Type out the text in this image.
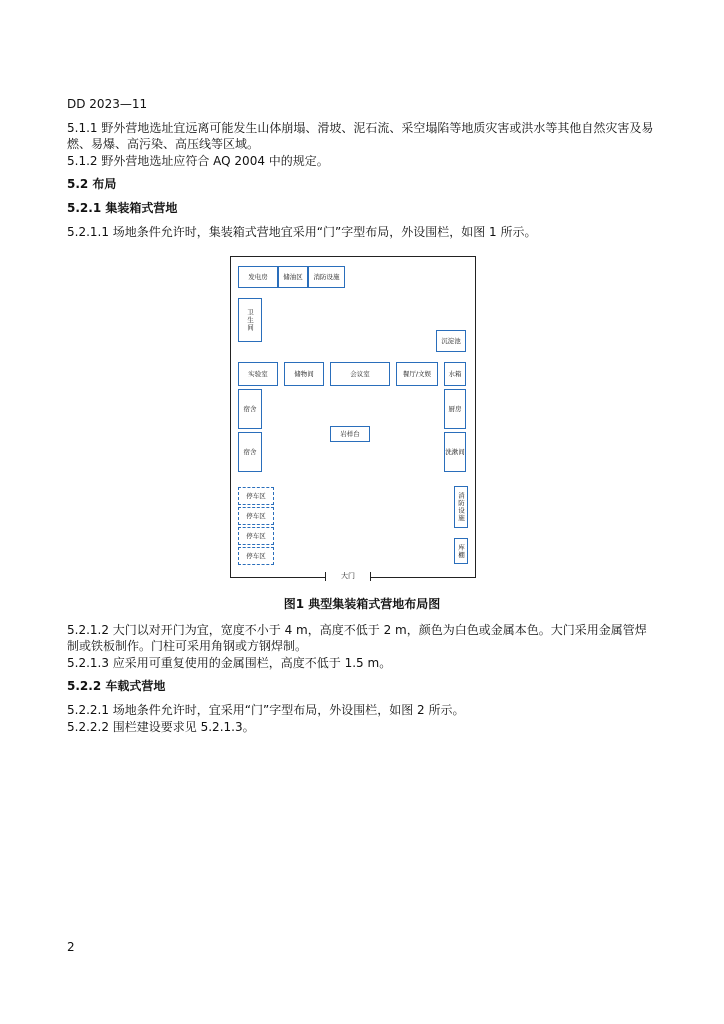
DD 2023—11
5.1.1 野外营地选址宜远离可能发生山体崩塌、滑坡、泥石流、采空塌陷等地质灾害或洪水等其他自然灾害及易燃、易爆、高污染、高压线等区域。
5.1.2 野外营地选址应符合 AQ 2004 中的规定。
5.2 布局
5.2.1 集装箱式营地
5.2.1.1 场地条件允许时，集装箱式营地宜采用“门”字型布局，外设围栏，如图 1 所示。
发电房	储油区	消防设施
卫生间
沉淀池
实验室	储物间	会议室	餐厅/文娱	水箱
宿舍	厨房
岩样台
宿舍	洗漱间
停车区
停车区
停车区
停车区
消防设施
库棚
大门
图1 典型集装箱式营地布局图
5.2.1.2 大门以对开门为宜，宽度不小于 4 m，高度不低于 2 m，颜色为白色或金属本色。大门采用金属管焊制或铁板制作。门柱可采用角钢或方钢焊制。
5.2.1.3 应采用可重复使用的金属围栏，高度不低于 1.5 m。
5.2.2 车载式营地
5.2.2.1 场地条件允许时，宜采用“门”字型布局，外设围栏，如图 2 所示。
5.2.2.2 围栏建设要求见 5.2.1.3。
2
